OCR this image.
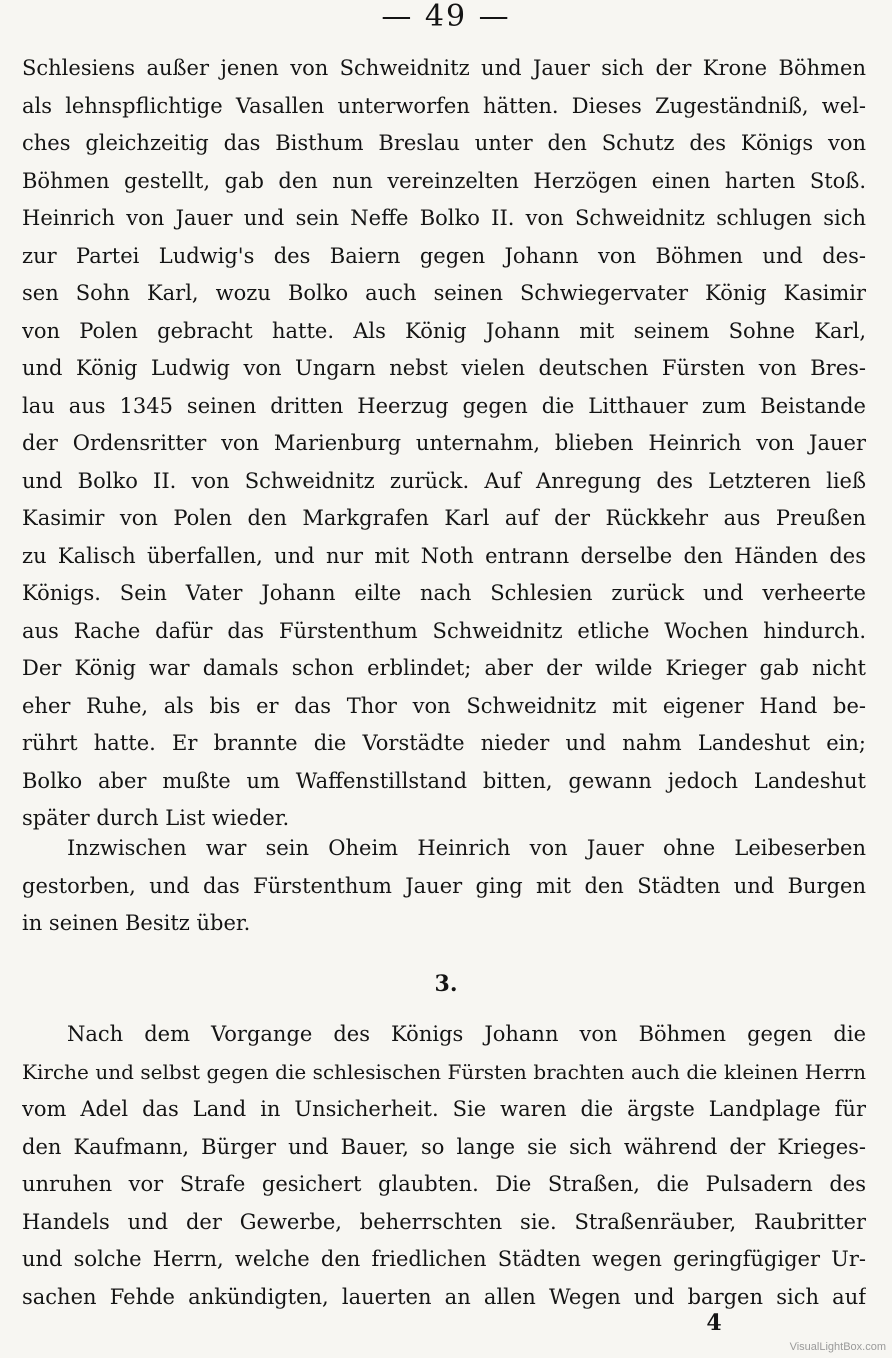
— 49 —
Schlesiens außer jenen von Schweidnitz und Jauer sich der Krone Böhmen
als lehnspflichtige Vasallen unterworfen hätten. Dieses Zugeständniß, wel-
ches gleichzeitig das Bisthum Breslau unter den Schutz des Königs von
Böhmen gestellt, gab den nun vereinzelten Herzögen einen harten Stoß.
Heinrich von Jauer und sein Neffe Bolko II. von Schweidnitz schlugen sich
zur Partei Ludwig's des Baiern gegen Johann von Böhmen und des-
sen Sohn Karl, wozu Bolko auch seinen Schwiegervater König Kasimir
von Polen gebracht hatte. Als König Johann mit seinem Sohne Karl,
und König Ludwig von Ungarn nebst vielen deutschen Fürsten von Bres-
lau aus 1345 seinen dritten Heerzug gegen die Litthauer zum Beistande
der Ordensritter von Marienburg unternahm, blieben Heinrich von Jauer
und Bolko II. von Schweidnitz zurück. Auf Anregung des Letzteren ließ
Kasimir von Polen den Markgrafen Karl auf der Rückkehr aus Preußen
zu Kalisch überfallen, und nur mit Noth entrann derselbe den Händen des
Königs. Sein Vater Johann eilte nach Schlesien zurück und verheerte
aus Rache dafür das Fürstenthum Schweidnitz etliche Wochen hindurch.
Der König war damals schon erblindet; aber der wilde Krieger gab nicht
eher Ruhe, als bis er das Thor von Schweidnitz mit eigener Hand be-
rührt hatte. Er brannte die Vorstädte nieder und nahm Landeshut ein;
Bolko aber mußte um Waffenstillstand bitten, gewann jedoch Landeshut
später durch List wieder.
Inzwischen war sein Oheim Heinrich von Jauer ohne Leibeserben
gestorben, und das Fürstenthum Jauer ging mit den Städten und Burgen
in seinen Besitz über.
3.
Nach dem Vorgange des Königs Johann von Böhmen gegen die
Kirche und selbst gegen die schlesischen Fürsten brachten auch die kleinen Herrn
vom Adel das Land in Unsicherheit. Sie waren die ärgste Landplage für
den Kaufmann, Bürger und Bauer, so lange sie sich während der Krieges-
unruhen vor Strafe gesichert glaubten. Die Straßen, die Pulsadern des
Handels und der Gewerbe, beherrschten sie. Straßenräuber, Raubritter
und solche Herrn, welche den friedlichen Städten wegen geringfügiger Ur-
sachen Fehde ankündigten, lauerten an allen Wegen und bargen sich auf
4
VisualLightBox.com
